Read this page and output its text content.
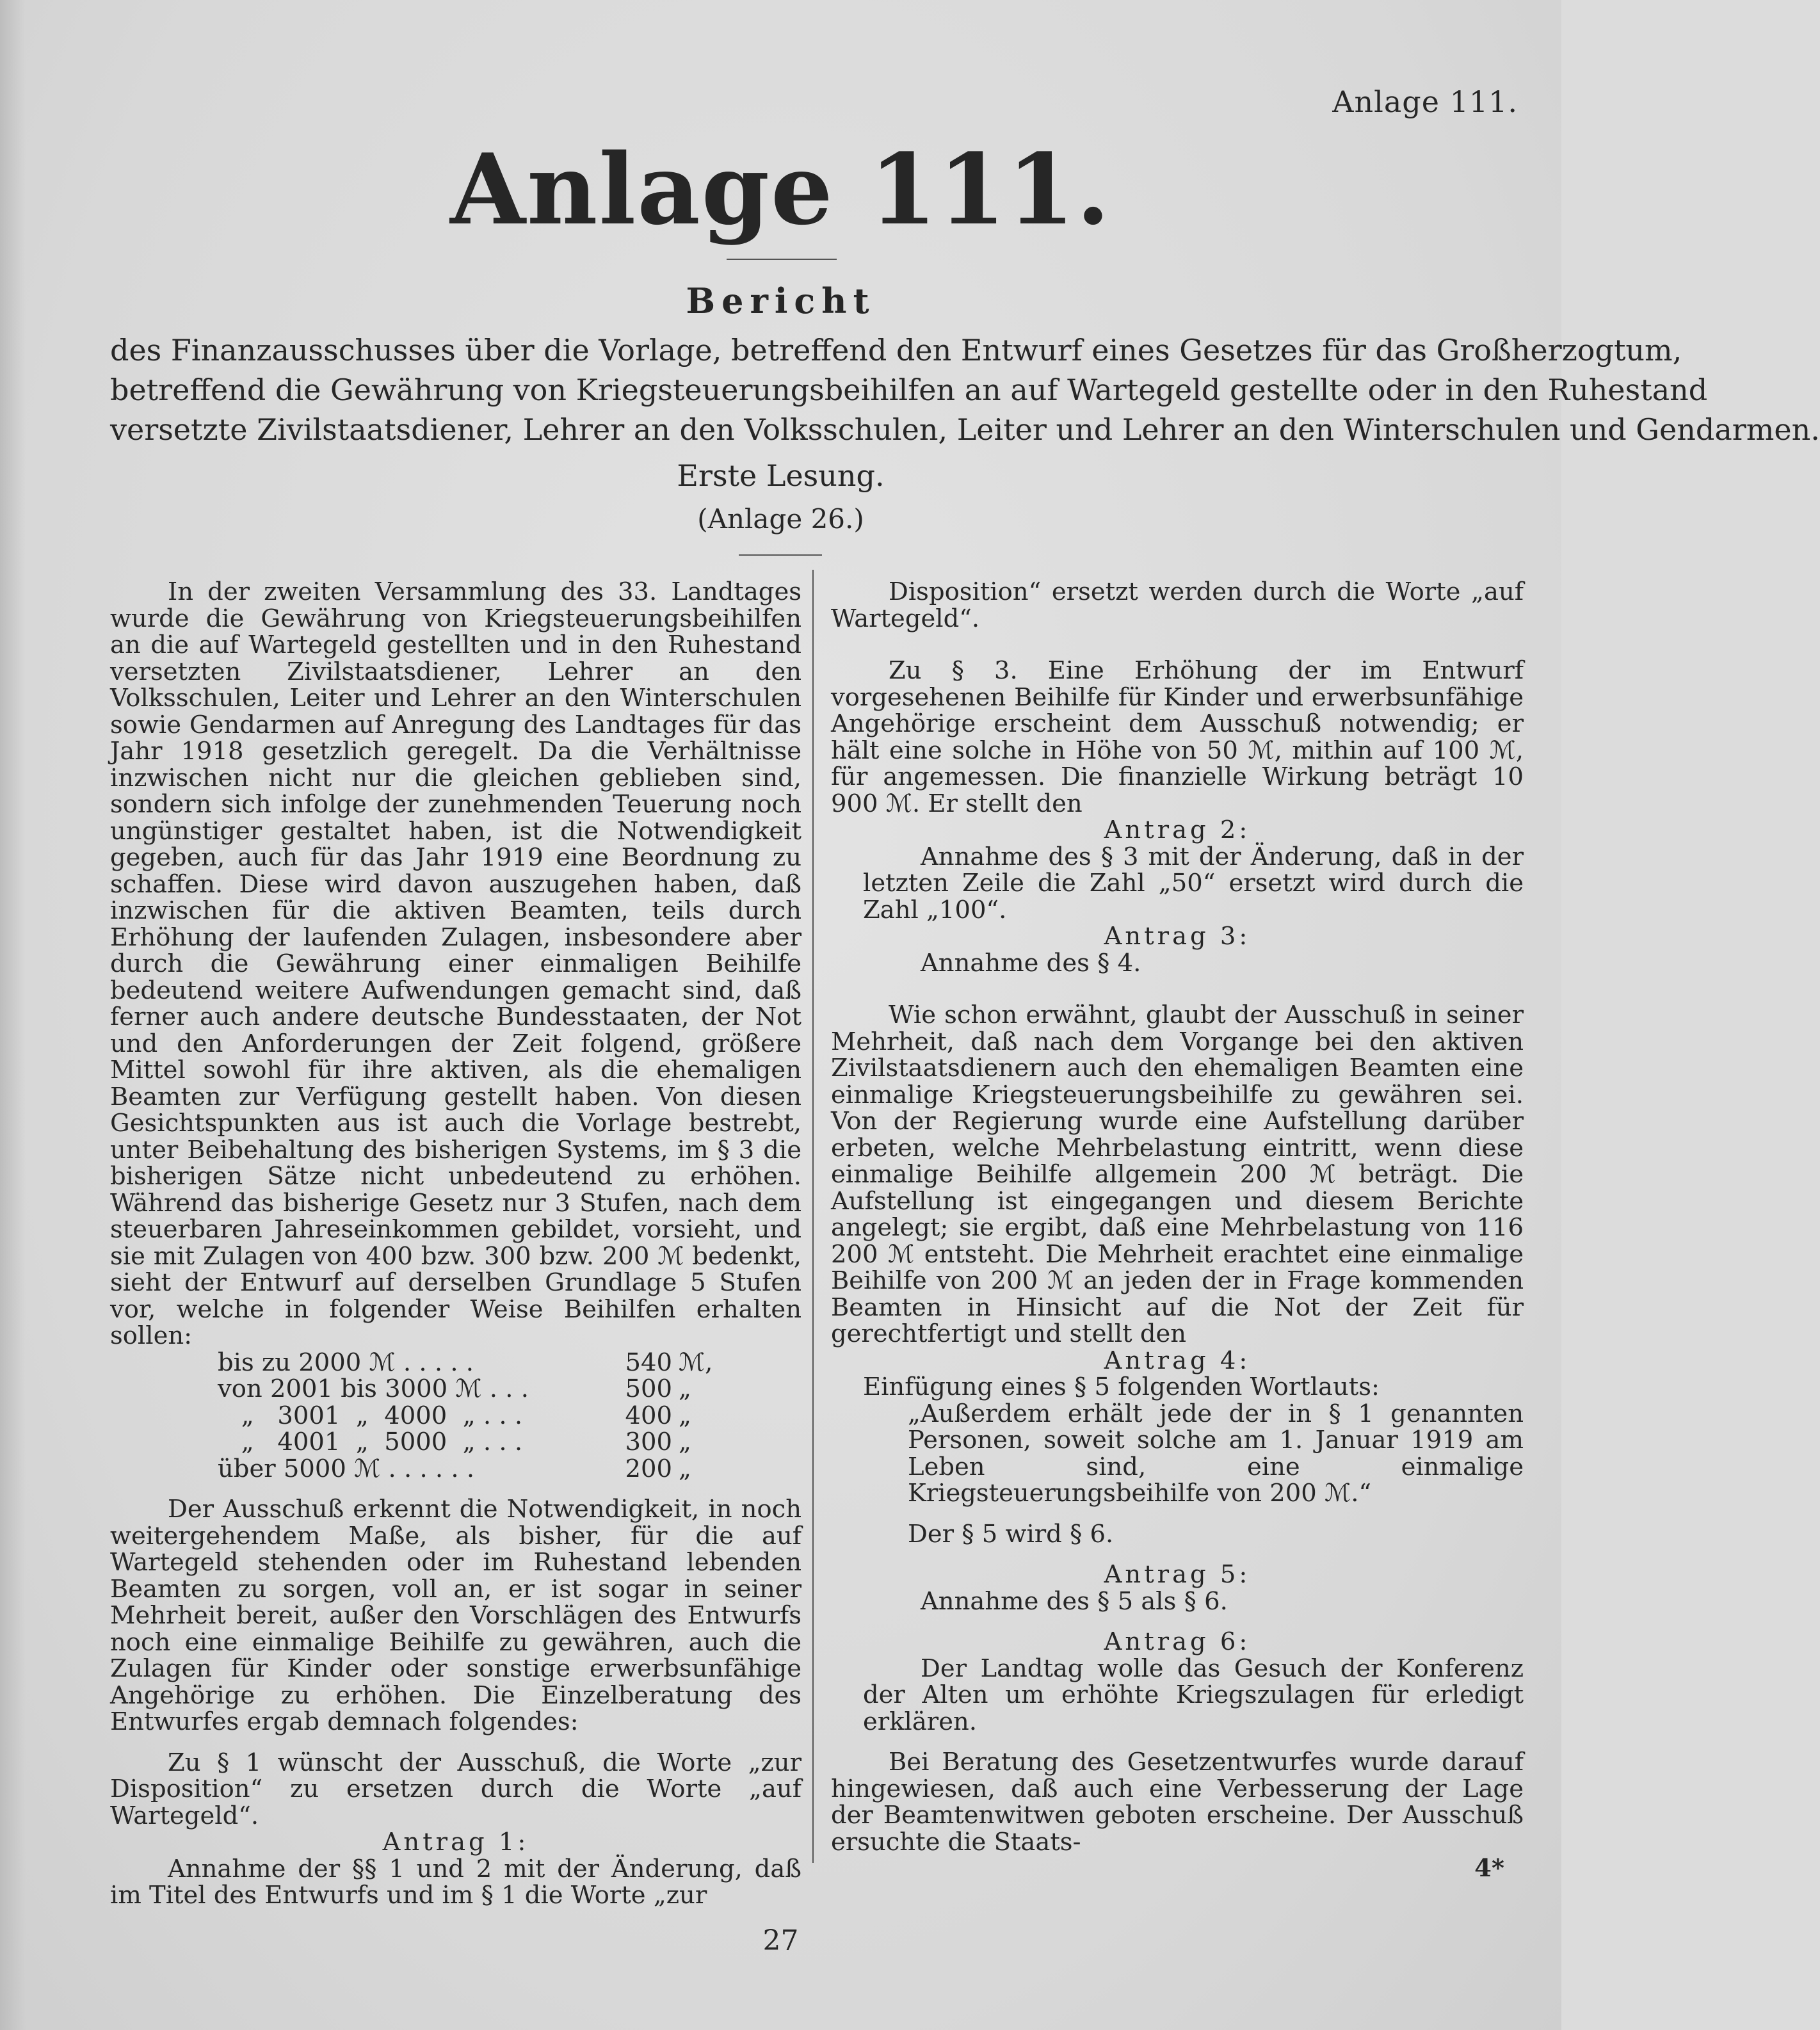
Anlage 111.
Anlage 111.
Bericht
des Finanzausschusses über die Vorlage, betreffend den Entwurf eines Gesetzes für das Großherzogtum,
betreffend die Gewährung von Kriegsteuerungsbeihilfen an auf Wartegeld gestellte oder in den Ruhestand
versetzte Zivilstaatsdiener, Lehrer an den Volksschulen, Leiter und Lehrer an den Winterschulen und Gendarmen.
Erste Lesung.
(Anlage 26.)

In der zweiten Versammlung des 33. Landtages wurde die Gewährung von Kriegsteuerungsbeihilfen an die auf Wartegeld gestellten und in den Ruhestand versetzten Zivilstaatsdiener, Lehrer an den Volksschulen, Leiter und Lehrer an den Winterschulen sowie Gendarmen auf Anregung des Landtages für das Jahr 1918 gesetzlich geregelt. Da die Verhältnisse inzwischen nicht nur die gleichen geblieben sind, sondern sich infolge der zunehmenden Teuerung noch ungünstiger gestaltet haben, ist die Notwendigkeit gegeben, auch für das Jahr 1919 eine Beordnung zu schaffen. Diese wird davon auszugehen haben, daß inzwischen für die aktiven Beamten, teils durch Erhöhung der laufenden Zulagen, insbesondere aber durch die Gewährung einer einmaligen Beihilfe bedeutend weitere Aufwendungen gemacht sind, daß ferner auch andere deutsche Bundesstaaten, der Not und den Anforderungen der Zeit folgend, größere Mittel sowohl für ihre aktiven, als die ehemaligen Beamten zur Verfügung gestellt haben. Von diesen Gesichtspunkten aus ist auch die Vorlage bestrebt, unter Beibehaltung des bisherigen Systems, im § 3 die bisherigen Sätze nicht unbedeutend zu erhöhen. Während das bisherige Gesetz nur 3 Stufen, nach dem steuerbaren Jahreseinkommen gebildet, vorsieht, und sie mit Zulagen von 400 bzw. 300 bzw. 200 ℳ bedenkt, sieht der Entwurf auf derselben Grundlage 5 Stufen vor, welche in folgender Weise Beihilfen erhalten sollen:

bis zu 2000 ℳ . . . . .	540 ℳ,
von 2001 bis 3000 ℳ . . .	500 „
„   3001  „  4000  „ . . .	400 „
„   4001  „  5000  „ . . .	300 „
über 5000 ℳ . . . . . .	200 „

Der Ausschuß erkennt die Notwendigkeit, in noch weitergehendem Maße, als bisher, für die auf Wartegeld stehenden oder im Ruhestand lebenden Beamten zu sorgen, voll an, er ist sogar in seiner Mehrheit bereit, außer den Vorschlägen des Entwurfs noch eine einmalige Beihilfe zu gewähren, auch die Zulagen für Kinder oder sonstige erwerbsunfähige Angehörige zu erhöhen. Die Einzelberatung des Entwurfes ergab demnach folgendes:

Zu § 1 wünscht der Ausschuß, die Worte „zur Disposition“ zu ersetzen durch die Worte „auf Wartegeld“.

Antrag 1:

Annahme der §§ 1 und 2 mit der Änderung, daß im Titel des Entwurfs und im § 1 die Worte „zur

Disposition“ ersetzt werden durch die Worte „auf Wartegeld“.

Zu § 3. Eine Erhöhung der im Entwurf vorgesehenen Beihilfe für Kinder und erwerbsunfähige Angehörige erscheint dem Ausschuß notwendig; er hält eine solche in Höhe von 50 ℳ, mithin auf 100 ℳ, für angemessen. Die finanzielle Wirkung beträgt 10 900 ℳ. Er stellt den

Antrag 2:

Annahme des § 3 mit der Änderung, daß in der letzten Zeile die Zahl „50“ ersetzt wird durch die Zahl „100“.

Antrag 3:

Annahme des § 4.

Wie schon erwähnt, glaubt der Ausschuß in seiner Mehrheit, daß nach dem Vorgange bei den aktiven Zivilstaatsdienern auch den ehemaligen Beamten eine einmalige Kriegsteuerungsbeihilfe zu gewähren sei. Von der Regierung wurde eine Aufstellung darüber erbeten, welche Mehrbelastung eintritt, wenn diese einmalige Beihilfe allgemein 200 ℳ beträgt. Die Aufstellung ist eingegangen und diesem Berichte angelegt; sie ergibt, daß eine Mehrbelastung von 116 200 ℳ entsteht. Die Mehrheit erachtet eine einmalige Beihilfe von 200 ℳ an jeden der in Frage kommenden Beamten in Hinsicht auf die Not der Zeit für gerechtfertigt und stellt den

Antrag 4:

Einfügung eines § 5 folgenden Wortlauts:

„Außerdem erhält jede der in § 1 genannten Personen, soweit solche am 1. Januar 1919 am Leben sind, eine einmalige Kriegsteuerungsbeihilfe von 200 ℳ.“

Der § 5 wird § 6.

Antrag 5:

Annahme des § 5 als § 6.

Antrag 6:

Der Landtag wolle das Gesuch der Konferenz der Alten um erhöhte Kriegszulagen für erledigt erklären.

Bei Beratung des Gesetzentwurfes wurde darauf hingewiesen, daß auch eine Verbesserung der Lage der Beamtenwitwen geboten erscheine. Der Ausschuß ersuchte die Staats-

4*
27
